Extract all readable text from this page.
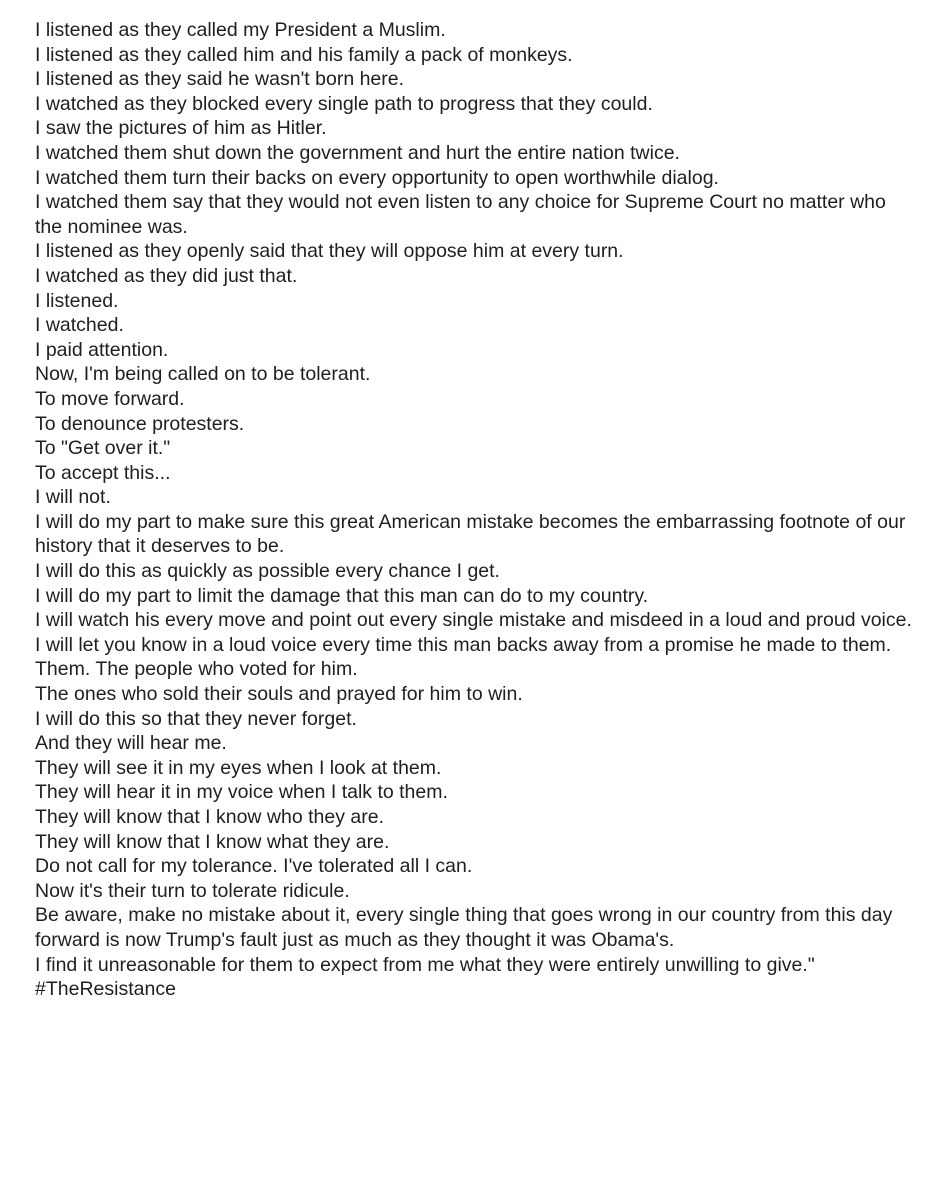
I listened as they called my President a Muslim.
I listened as they called him and his family a pack of monkeys.
I listened as they said he wasn't born here.
I watched as they blocked every single path to progress that they could.
I saw the pictures of him as Hitler.
I watched them shut down the government and hurt the entire nation twice.
I watched them turn their backs on every opportunity to open worthwhile dialog.
I watched them say that they would not even listen to any choice for Supreme Court no matter who the nominee was.
I listened as they openly said that they will oppose him at every turn.
I watched as they did just that.
I listened.
I watched.
I paid attention.
Now, I'm being called on to be tolerant.
To move forward.
To denounce protesters.
To "Get over it."
To accept this...
I will not.
I will do my part to make sure this great American mistake becomes the embarrassing footnote of our history that it deserves to be.
I will do this as quickly as possible every chance I get.
I will do my part to limit the damage that this man can do to my country.
I will watch his every move and point out every single mistake and misdeed in a loud and proud voice.
I will let you know in a loud voice every time this man backs away from a promise he made to them.
Them. The people who voted for him.
The ones who sold their souls and prayed for him to win.
I will do this so that they never forget.
And they will hear me.
They will see it in my eyes when I look at them.
They will hear it in my voice when I talk to them.
They will know that I know who they are.
They will know that I know what they are.
Do not call for my tolerance. I've tolerated all I can.
Now it's their turn to tolerate ridicule.
Be aware, make no mistake about it, every single thing that goes wrong in our country from this day forward is now Trump's fault just as much as they thought it was Obama's.
I find it unreasonable for them to expect from me what they were entirely unwilling to give."
#TheResistance
